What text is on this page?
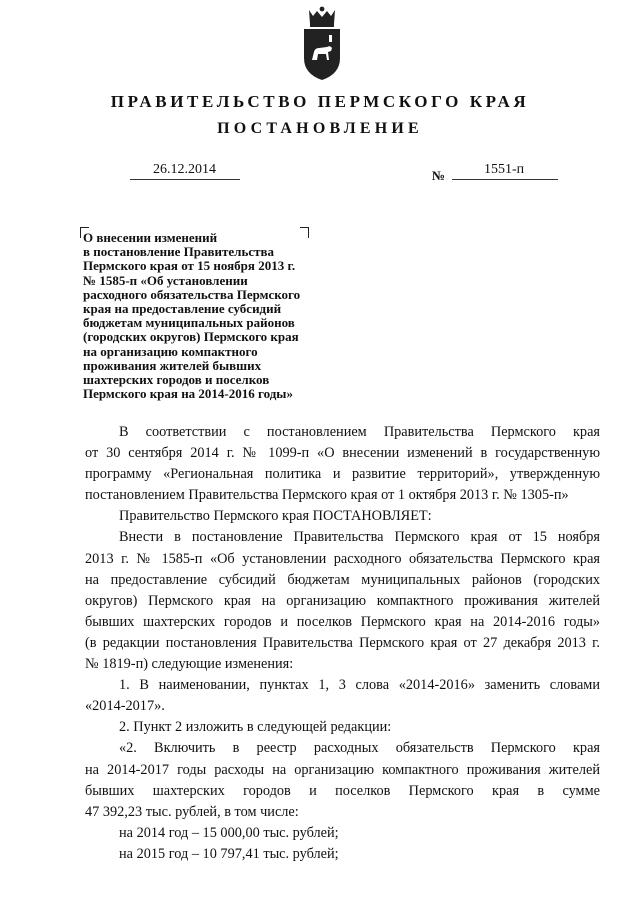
ПРАВИТЕЛЬСТВО ПЕРМСКОГО КРАЯ
ПОСТАНОВЛЕНИЕ
26.12.2014	№	1551-п
О внесении изменений
в постановление Правительства
Пермского края от 15 ноября 2013 г.
№ 1585-п «Об установлении
расходного обязательства Пермского
края на предоставление субсидий
бюджетам муниципальных районов
(городских округов) Пермского края
на организацию компактного
проживания жителей бывших
шахтерских городов и поселков
Пермского края на 2014-2016 годы»
В соответствии с постановлением Правительства Пермского края
от 30 сентября 2014 г. № 1099-п «О внесении изменений в государственную
программу «Региональная политика и развитие территорий», утвержденную
постановлением Правительства Пермского края от 1 октября 2013 г. № 1305-п»
Правительство Пермского края ПОСТАНОВЛЯЕТ:
Внести в постановление Правительства Пермского края от 15 ноября
2013 г. № 1585-п «Об установлении расходного обязательства Пермского края
на предоставление субсидий бюджетам муниципальных районов (городских
округов) Пермского края на организацию компактного проживания жителей
бывших шахтерских городов и поселков Пермского края на 2014-2016 годы»
(в редакции постановления Правительства Пермского края от 27 декабря 2013 г.
№ 1819-п) следующие изменения:
1. В наименовании, пунктах 1, 3 слова «2014-2016» заменить словами
«2014-2017».
2. Пункт 2 изложить в следующей редакции:
«2. Включить в реестр расходных обязательств Пермского края
на 2014-2017 годы расходы на организацию компактного проживания жителей
бывших шахтерских городов и поселков Пермского края в сумме
47 392,23 тыс. рублей, в том числе:
на 2014 год – 15 000,00 тыс. рублей;
на 2015 год – 10 797,41 тыс. рублей;
